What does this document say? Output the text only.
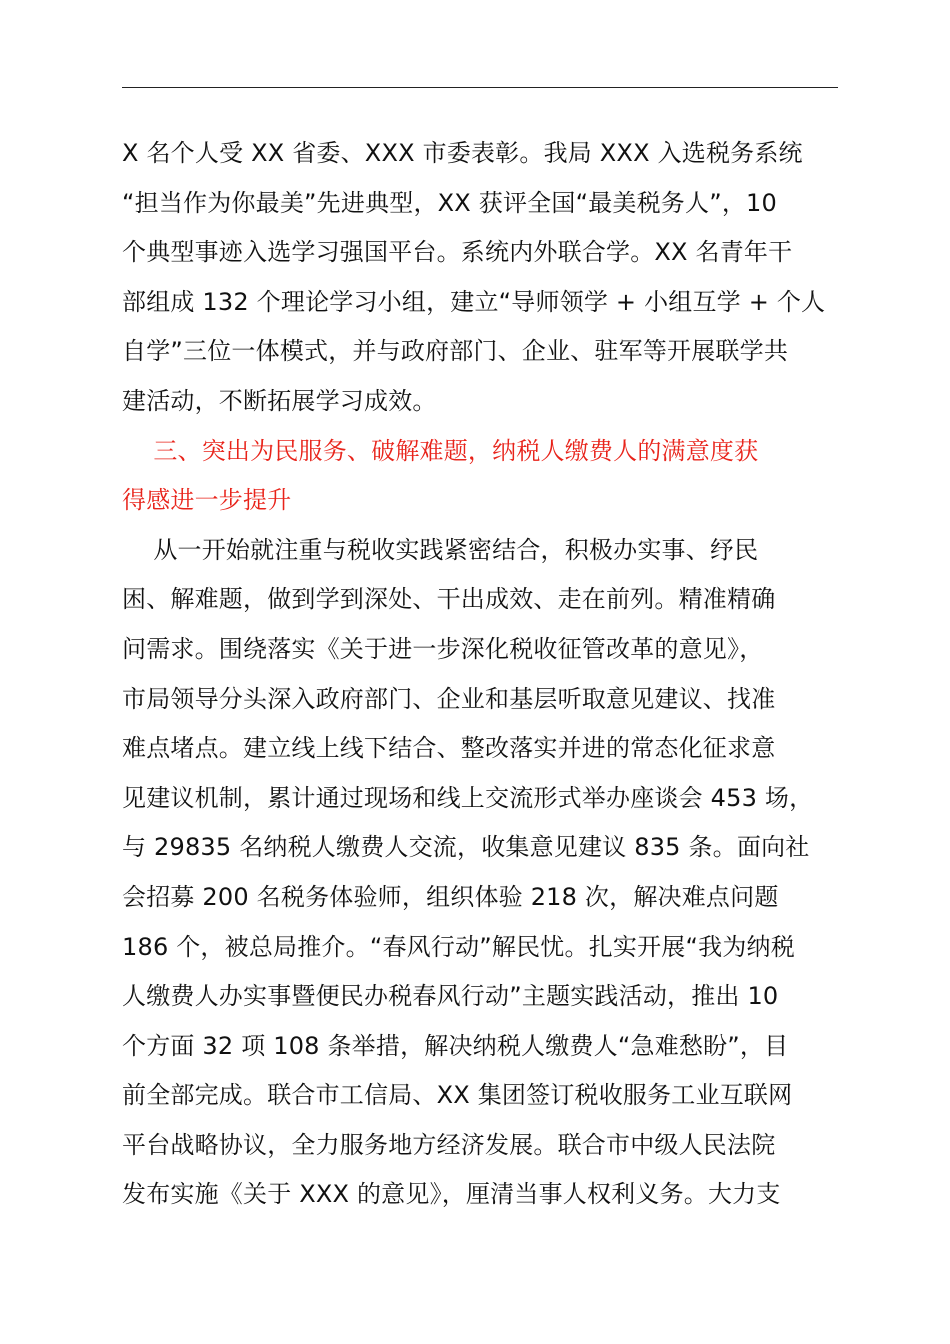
X 名个人受 XX 省委、XXX 市委表彰。我局 XXX 入选税务系统
“担当作为你最美”先进典型，XX 获评全国“最美税务人”，10
个典型事迹入选学习强国平台。系统内外联合学。XX 名青年干
部组成 132 个理论学习小组，建立“导师领学 + 小组互学 + 个人
自学”三位一体模式，并与政府部门、企业、驻军等开展联学共
建活动，不断拓展学习成效。
三、突出为民服务、破解难题，纳税人缴费人的满意度获
得感进一步提升
从一开始就注重与税收实践紧密结合，积极办实事、纾民
困、解难题，做到学到深处、干出成效、走在前列。精准精确
问需求。围绕落实《关于进一步深化税收征管改革的意见》，
市局领导分头深入政府部门、企业和基层听取意见建议、找准
难点堵点。建立线上线下结合、整改落实并进的常态化征求意
见建议机制，累计通过现场和线上交流形式举办座谈会 453 场，
与 29835 名纳税人缴费人交流，收集意见建议 835 条。面向社
会招募 200 名税务体验师，组织体验 218 次，解决难点问题
186 个，被总局推介。“春风行动”解民忧。扎实开展“我为纳税
人缴费人办实事暨便民办税春风行动”主题实践活动，推出 10
个方面 32 项 108 条举措，解决纳税人缴费人“急难愁盼”，目
前全部完成。联合市工信局、XX 集团签订税收服务工业互联网
平台战略协议，全力服务地方经济发展。联合市中级人民法院
发布实施《关于 XXX 的意见》，厘清当事人权利义务。大力支
